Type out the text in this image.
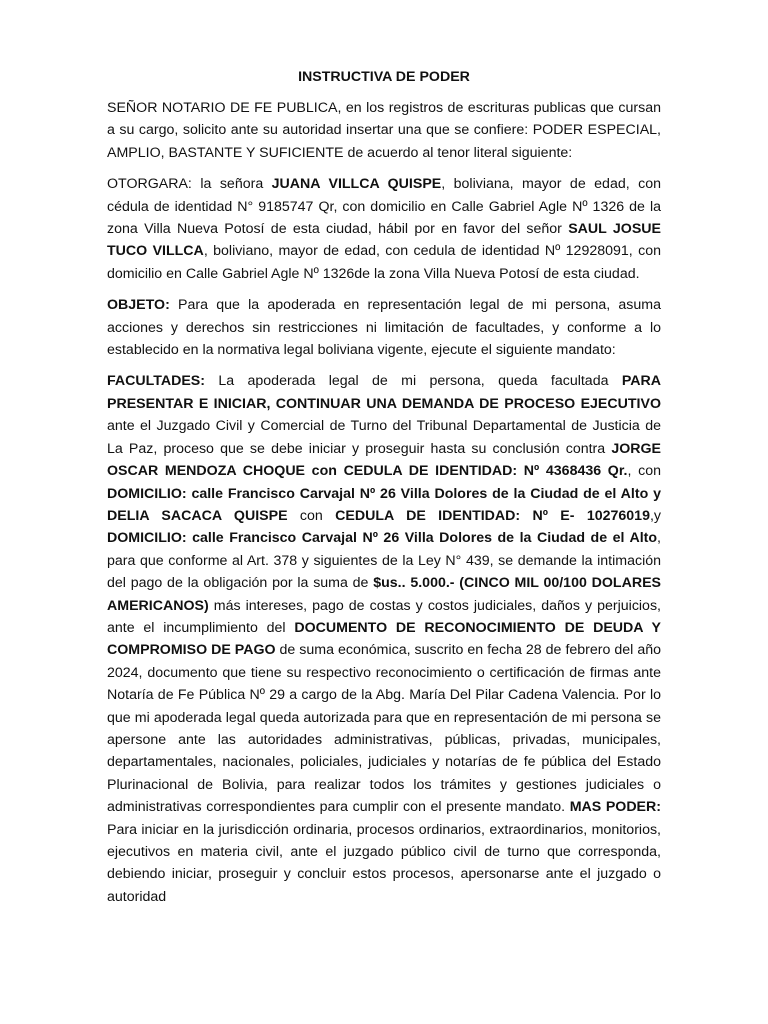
INSTRUCTIVA DE PODER

SEÑOR NOTARIO DE FE PUBLICA, en los registros de escrituras publicas que cursan a su cargo, solicito ante su autoridad insertar una que se confiere: PODER ESPECIAL, AMPLIO, BASTANTE Y SUFICIENTE de acuerdo al tenor literal siguiente:

OTORGARA: la señora JUANA VILLCA QUISPE, boliviana, mayor de edad, con cédula de identidad N° 9185747 Qr, con domicilio en Calle Gabriel Agle Nº 1326 de la zona Villa Nueva Potosí de esta ciudad, hábil por en favor del señor SAUL JOSUE TUCO VILLCA, boliviano, mayor de edad, con cedula de identidad Nº 12928091, con domicilio en Calle Gabriel Agle Nº 1326de la zona Villa Nueva Potosí de esta ciudad.

OBJETO: Para que la apoderada en representación legal de mi persona, asuma acciones y derechos sin restricciones ni limitación de facultades, y conforme a lo establecido en la normativa legal boliviana vigente, ejecute el siguiente mandato:

FACULTADES: La apoderada legal de mi persona, queda facultada PARA PRESENTAR E INICIAR, CONTINUAR UNA DEMANDA DE PROCESO EJECUTIVO ante el Juzgado Civil y Comercial de Turno del Tribunal Departamental de Justicia de La Paz, proceso que se debe iniciar y proseguir hasta su conclusión contra JORGE OSCAR MENDOZA CHOQUE con CEDULA DE IDENTIDAD: Nº 4368436 Qr., con DOMICILIO: calle Francisco Carvajal Nº 26 Villa Dolores de la Ciudad de el Alto y DELIA SACACA QUISPE con CEDULA DE IDENTIDAD: Nº E- 10276019,y DOMICILIO: calle Francisco Carvajal Nº 26 Villa Dolores de la Ciudad de el Alto, para que conforme al Art. 378 y siguientes de la Ley N° 439, se demande la intimación del pago de la obligación por la suma de $us.. 5.000.- (CINCO MIL 00/100 DOLARES AMERICANOS) más intereses, pago de costas y costos judiciales, daños y perjuicios, ante el incumplimiento del DOCUMENTO DE RECONOCIMIENTO DE DEUDA Y COMPROMISO DE PAGO de suma económica, suscrito en fecha 28 de febrero del año 2024, documento que tiene su respectivo reconocimiento o certificación de firmas ante Notaría de Fe Pública Nº 29 a cargo de la Abg. María Del Pilar Cadena Valencia. Por lo que mi apoderada legal queda autorizada para que en representación de mi persona se apersone ante las autoridades administrativas, públicas, privadas, municipales, departamentales, nacionales, policiales, judiciales y notarías de fe pública del Estado Plurinacional de Bolivia, para realizar todos los trámites y gestiones judiciales o administrativas correspondientes para cumplir con el presente mandato. MAS PODER: Para iniciar en la jurisdicción ordinaria, procesos ordinarios, extraordinarios, monitorios, ejecutivos en materia civil, ante el juzgado público civil de turno que corresponda, debiendo iniciar, proseguir y concluir estos procesos, apersonarse ante el juzgado o autoridad
